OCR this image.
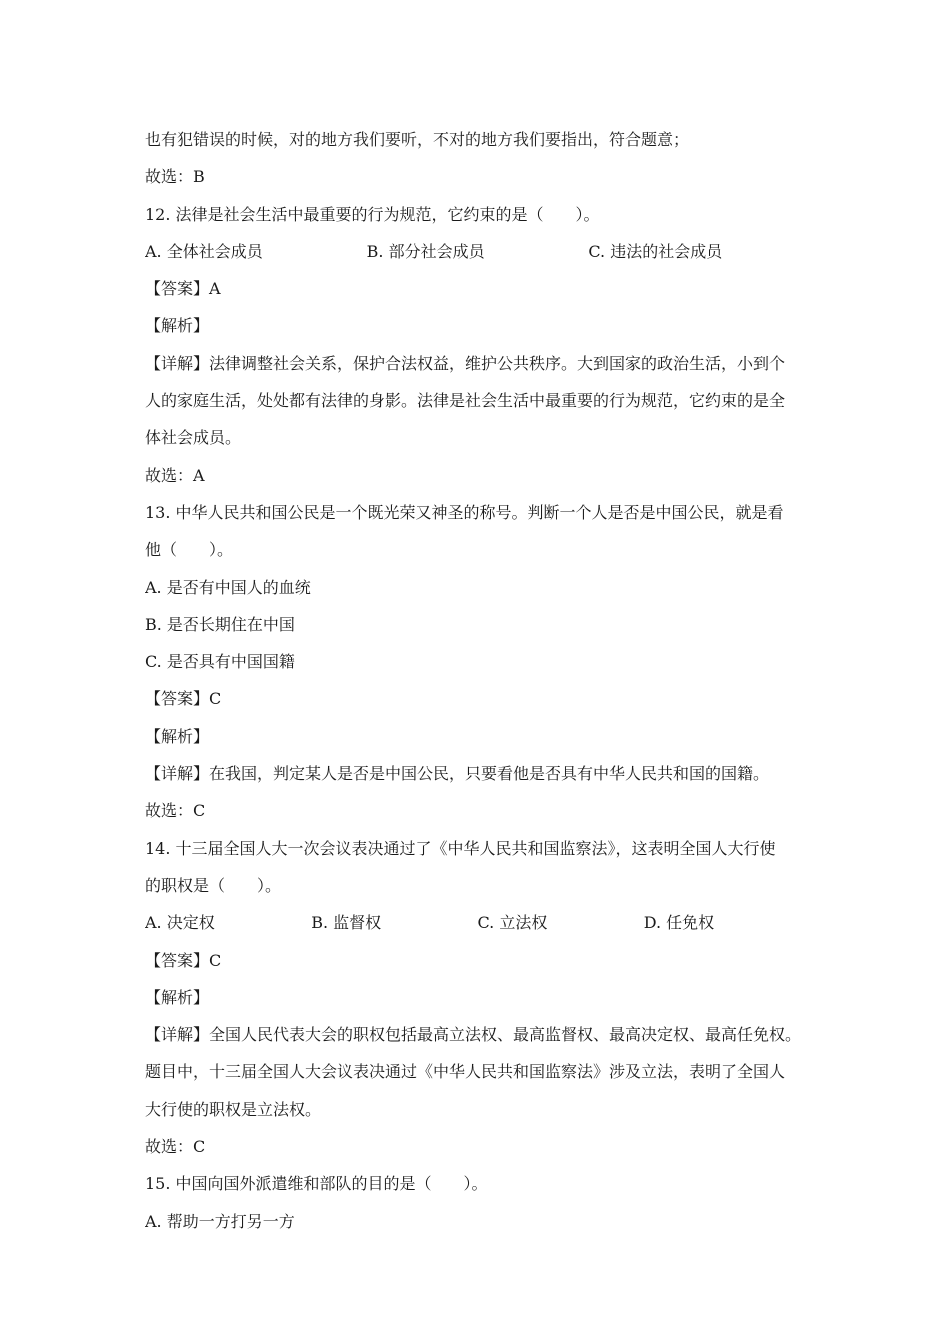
也有犯错误的时候，对的地方我们要听，不对的地方我们要指出，符合题意；
故选：B
12. 法律是社会生活中最重要的行为规范，它约束的是（　　）。
A. 全体社会成员	B. 部分社会成员	C. 违法的社会成员
【答案】A
【解析】
【详解】法律调整社会关系，保护合法权益，维护公共秩序。大到国家的政治生活，小到个
人的家庭生活，处处都有法律的身影。法律是社会生活中最重要的行为规范，它约束的是全
体社会成员。
故选：A
13. 中华人民共和国公民是一个既光荣又神圣的称号。判断一个人是否是中国公民，就是看
他（　　）。
A. 是否有中国人的血统
B. 是否长期住在中国
C. 是否具有中国国籍
【答案】C
【解析】
【详解】在我国，判定某人是否是中国公民，只要看他是否具有中华人民共和国的国籍。
故选：C
14. 十三届全国人大一次会议表决通过了《中华人民共和国监察法》，这表明全国人大行使
的职权是（　　）。
A. 决定权	B. 监督权	C. 立法权	D. 任免权
【答案】C
【解析】
【详解】全国人民代表大会的职权包括最高立法权、最高监督权、最高决定权、最高任免权。
题目中，十三届全国人大会议表决通过《中华人民共和国监察法》涉及立法，表明了全国人
大行使的职权是立法权。
故选：C
15. 中国向国外派遣维和部队的目的是（　　）。
A. 帮助一方打另一方
